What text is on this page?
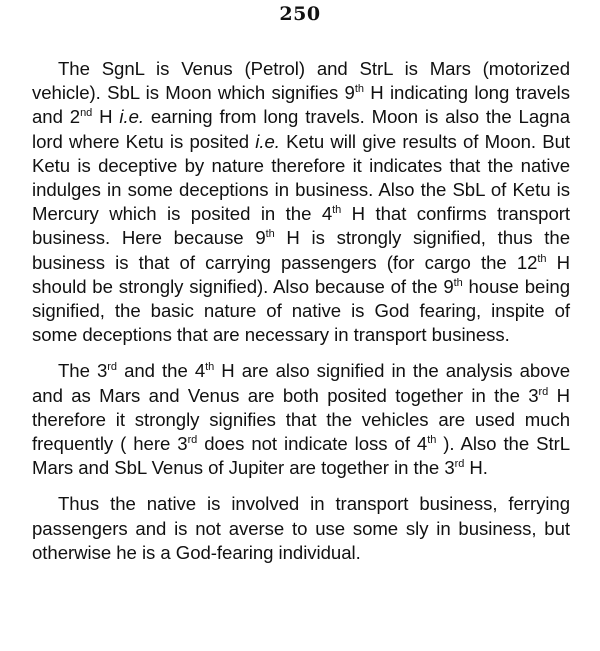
250

The SgnL is Venus (Petrol) and StrL is Mars (motorized vehicle). SbL is Moon which signifies 9th H indicating long travels and 2nd H i.e. earning from long travels. Moon is also the Lagna lord where Ketu is posited i.e. Ketu will give results of Moon. But Ketu is deceptive by nature therefore it indicates that the native indulges in some deceptions in business. Also the SbL of Ketu is Mercury which is posited in the 4th H that confirms transport business. Here because 9th H is strongly signified, thus the business is that of carrying passengers (for cargo the 12th H should be strongly signified). Also because of the 9th house being signified, the basic nature of native is God fearing, inspite of some deceptions that are necessary in transport business.

The 3rd and the 4th H are also signified in the analysis above and as Mars and Venus are both posited together in the 3rd H therefore it strongly signifies that the vehicles are used much frequently ( here 3rd does not indicate loss of 4th ). Also the StrL Mars and SbL Venus of Jupiter are together in the 3rd H.

Thus the native is involved in transport business, ferrying passengers and is not averse to use some sly in business, but otherwise he is a God-fearing individual.
